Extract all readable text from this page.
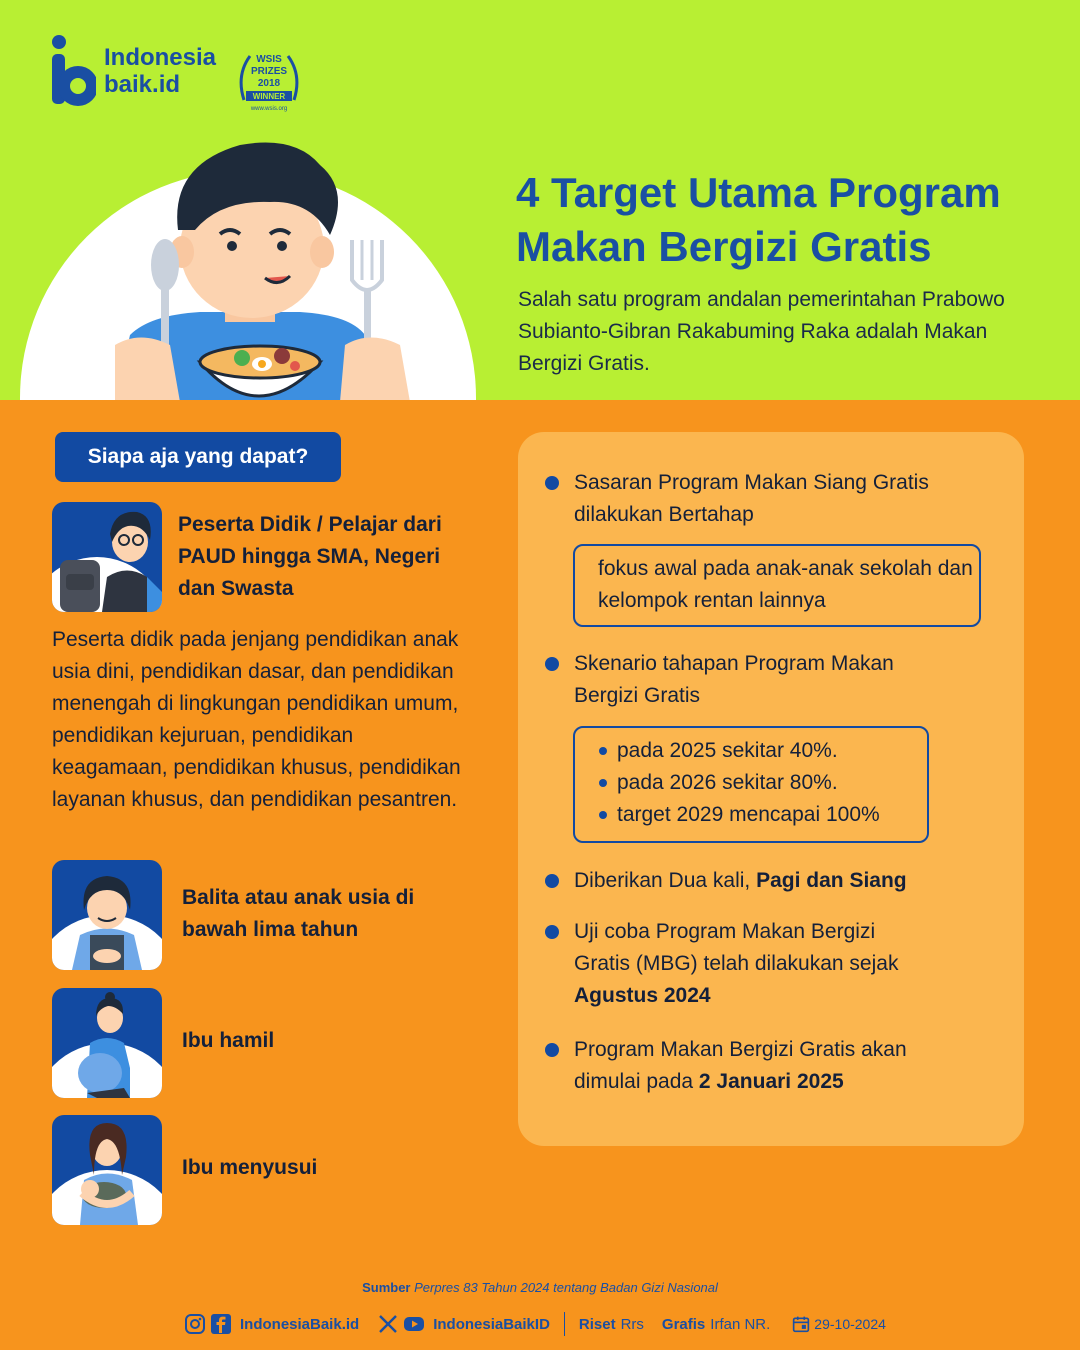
Indonesia
baik.id
WSIS
PRIZES
2018
WINNER
www.wsis.org
4 Target Utama Program Makan Bergizi Gratis
Salah satu program andalan pemerintahan Prabowo Subianto-Gibran Rakabuming Raka adalah Makan Bergizi Gratis.
Siapa aja yang dapat?
Peserta Didik / Pelajar dari PAUD hingga SMA, Negeri dan Swasta
Peserta didik pada jenjang pendidikan anak usia dini, pendidikan dasar, dan pendidikan menengah di lingkungan pendidikan umum, pendidikan kejuruan, pendidikan keagamaan, pendidikan khusus, pendidikan layanan khusus, dan pendidikan pesantren.
Balita atau anak usia di bawah lima tahun
Ibu hamil
Ibu menyusui
Sasaran Program Makan Siang Gratis dilakukan Bertahap
fokus awal pada anak-anak sekolah dan kelompok rentan lainnya
Skenario tahapan Program Makan Bergizi Gratis
pada 2025 sekitar 40%.
pada 2026 sekitar 80%.
target 2029 mencapai 100%
Diberikan Dua kali, Pagi dan Siang
Uji coba Program Makan Bergizi Gratis (MBG) telah dilakukan sejak Agustus 2024
Program Makan Bergizi Gratis akan dimulai pada 2 Januari 2025
Sumber Perpres 83 Tahun 2024 tentang Badan Gizi Nasional
IndonesiaBaik.id	IndonesiaBaikID Riset Rrs Grafis Irfan NR.	29-10-2024
